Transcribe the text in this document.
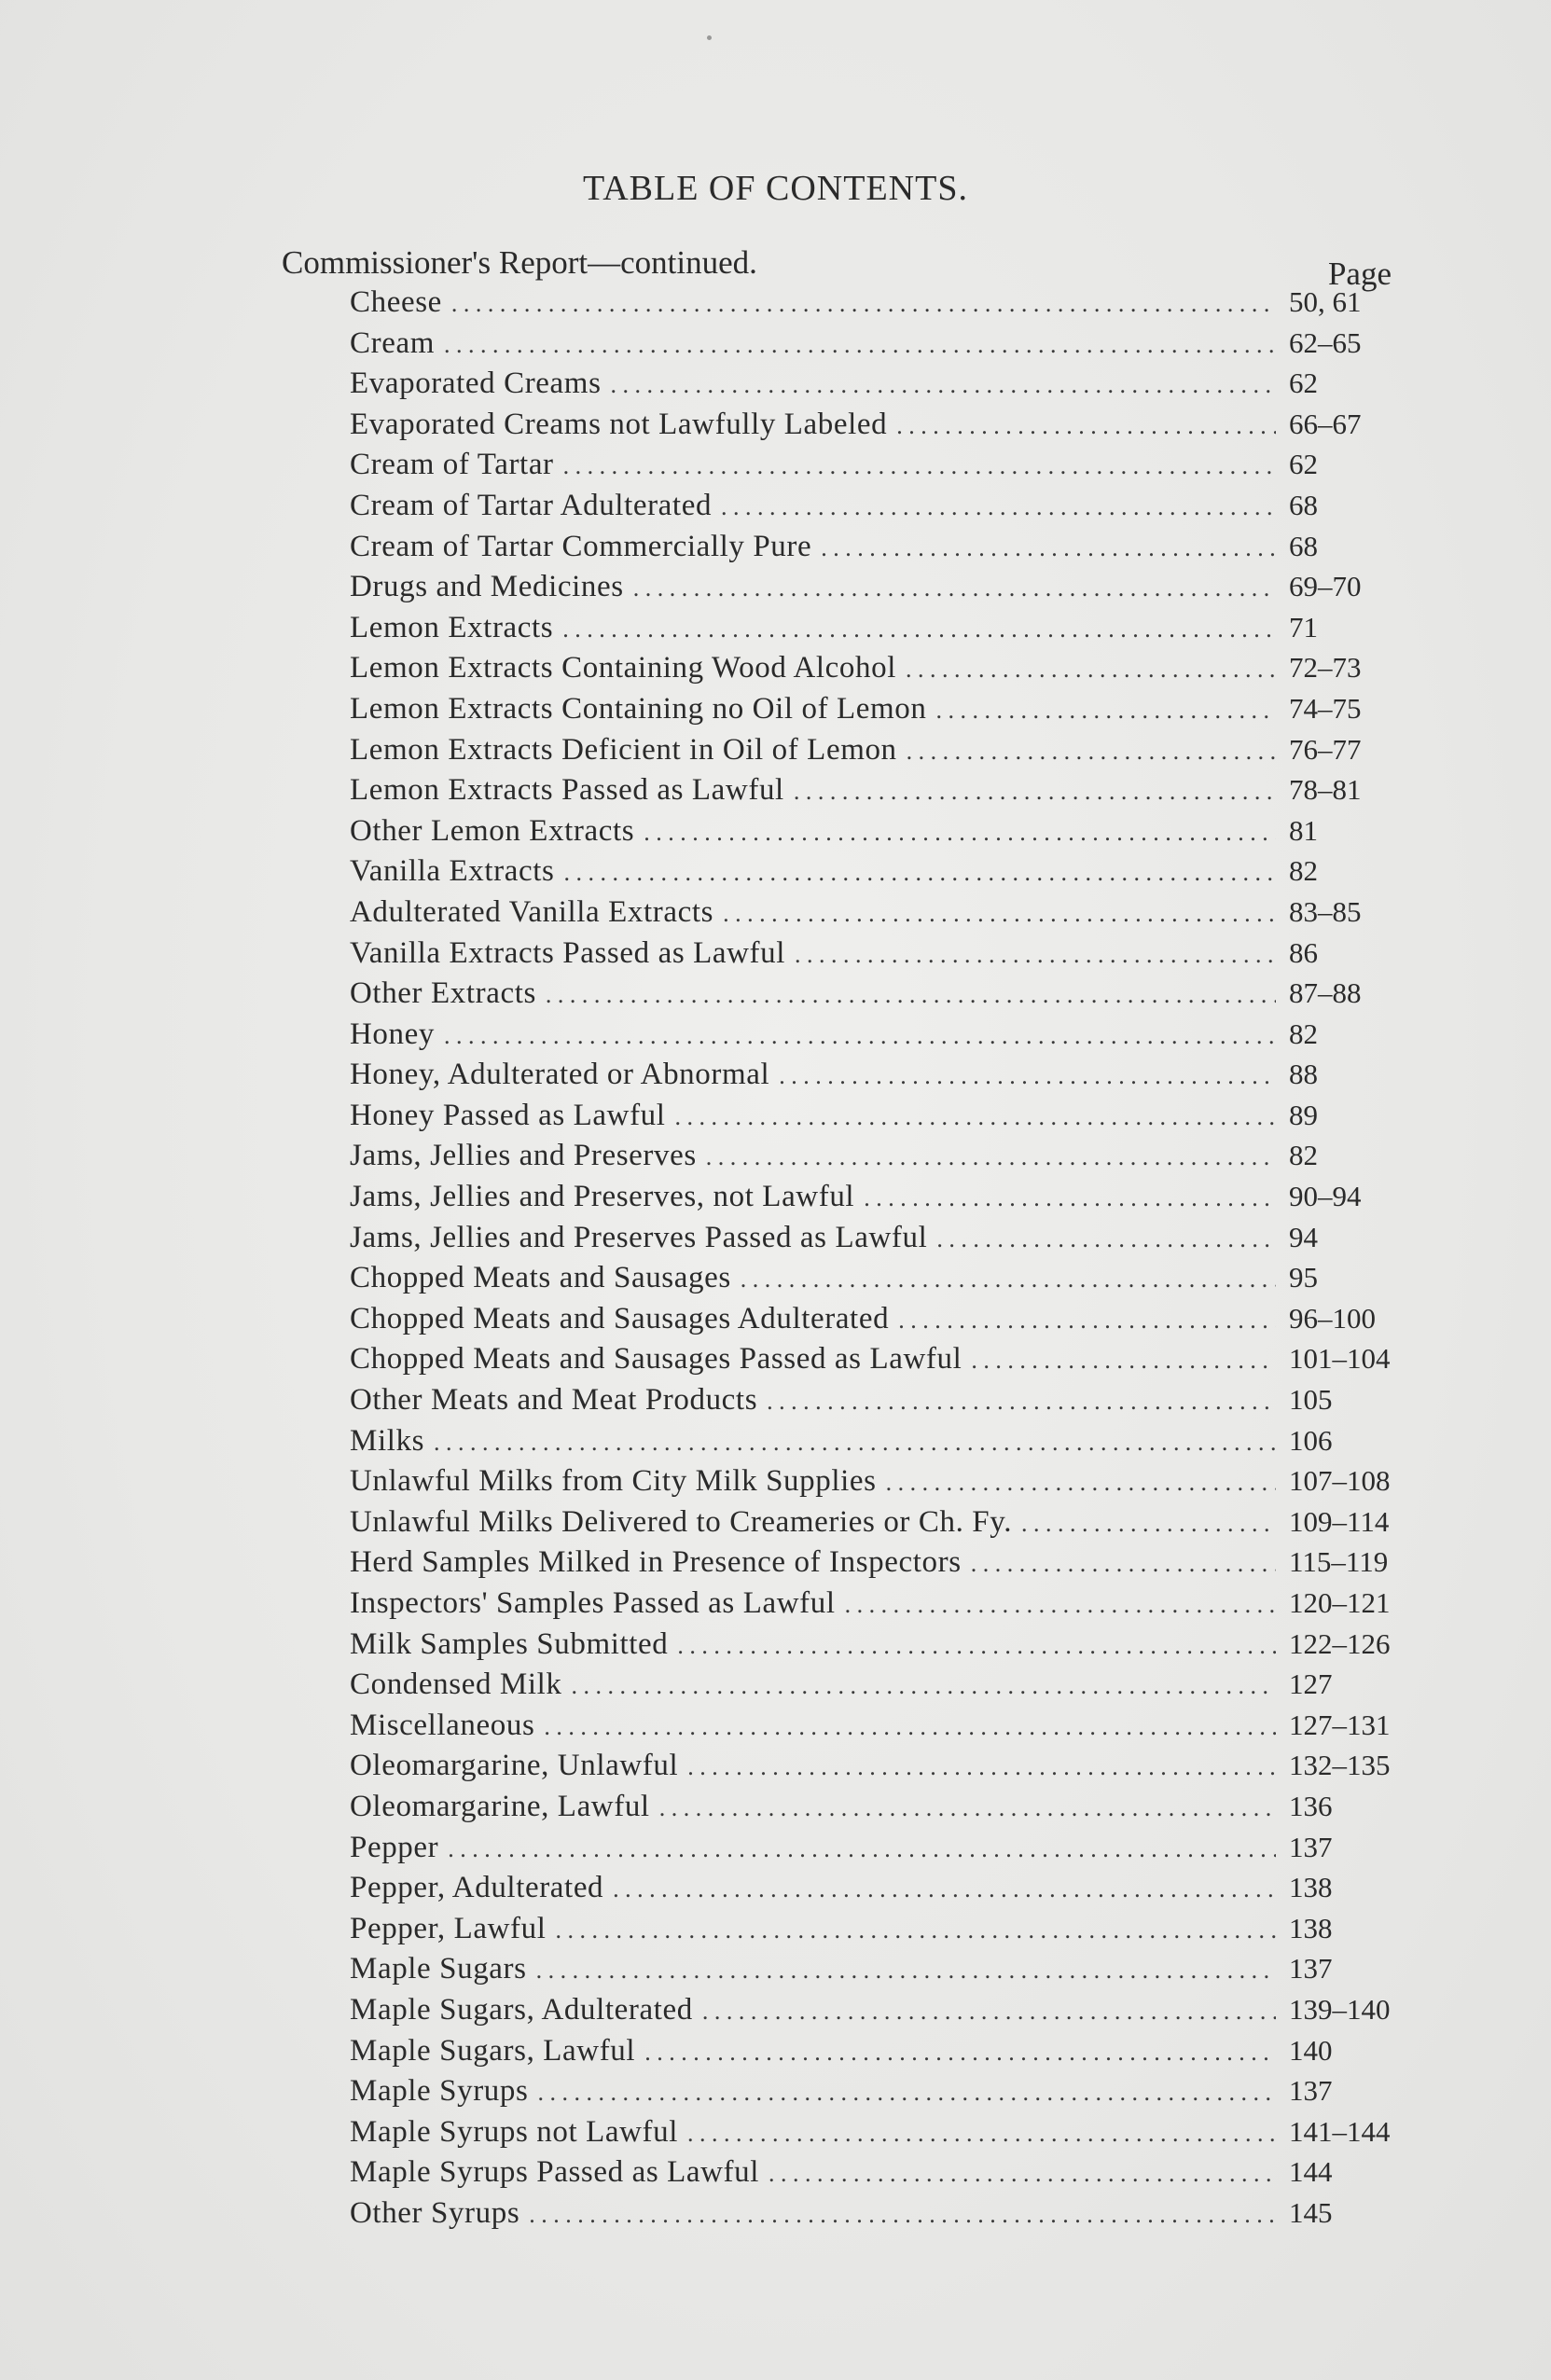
TABLE OF CONTENTS.
Commissioner's Report—continued.	Page
Cheese . . .	50, 61
Cream . . .	62–65
Evaporated Creams . . .	62
Evaporated Creams not Lawfully Labeled . . .	66–67
Cream of Tartar . . .	62
Cream of Tartar Adulterated . . .	68
Cream of Tartar Commercially Pure . . .	68
Drugs and Medicines . . .	69–70
Lemon Extracts . . .	71
Lemon Extracts Containing Wood Alcohol . . .	72–73
Lemon Extracts Containing no Oil of Lemon . . .	74–75
Lemon Extracts Deficient in Oil of Lemon . . .	76–77
Lemon Extracts Passed as Lawful . . .	78–81
Other Lemon Extracts . . .	81
Vanilla Extracts . . .	82
Adulterated Vanilla Extracts . . .	83–85
Vanilla Extracts Passed as Lawful . . .	86
Other Extracts . . .	87–88
Honey . . .	82
Honey, Adulterated or Abnormal . . .	88
Honey Passed as Lawful . . .	89
Jams, Jellies and Preserves . . .	82
Jams, Jellies and Preserves, not Lawful . . .	90–94
Jams, Jellies and Preserves Passed as Lawful . . .	94
Chopped Meats and Sausages . . .	95
Chopped Meats and Sausages Adulterated . . .	96–100
Chopped Meats and Sausages Passed as Lawful . . .	101–104
Other Meats and Meat Products . . .	105
Milks . . .	106
Unlawful Milks from City Milk Supplies . . .	107–108
Unlawful Milks Delivered to Creameries or Ch. Fy. . . .	109–114
Herd Samples Milked in Presence of Inspectors . . .	115–119
Inspectors' Samples Passed as Lawful . . .	120–121
Milk Samples Submitted . . .	122–126
Condensed Milk . . .	127
Miscellaneous . . .	127–131
Oleomargarine, Unlawful . . .	132–135
Oleomargarine, Lawful . . .	136
Pepper . . .	137
Pepper, Adulterated . . .	138
Pepper, Lawful . . .	138
Maple Sugars . . .	137
Maple Sugars, Adulterated . . .	139–140
Maple Sugars, Lawful . . .	140
Maple Syrups . . .	137
Maple Syrups not Lawful . . .	141–144
Maple Syrups Passed as Lawful . . .	144
Other Syrups . . .	145
